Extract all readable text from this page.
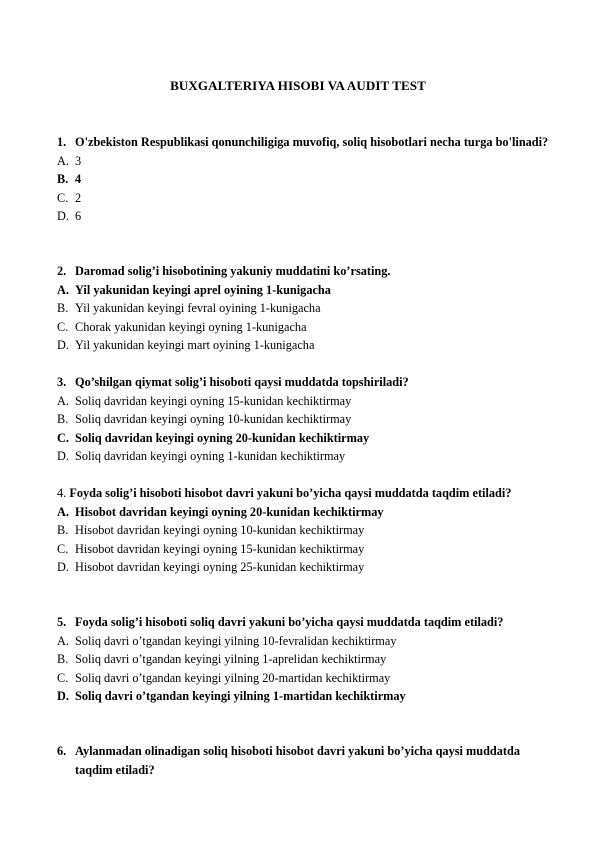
BUXGALTERIYA HISOBI VA AUDIT TEST
1. O'zbekiston Respublikasi qonunchiligiga muvofiq, soliq hisobotlari necha turga bo'linadi?
A. 3
B. 4
C. 2
D. 6
2. Daromad solig’i hisobotining yakuniy muddatini ko’rsating.
A. Yil yakunidan keyingi aprel oyining 1-kunigacha
B. Yil yakunidan keyingi fevral oyining 1-kunigacha
C. Chorak yakunidan keyingi oyning 1-kunigacha
D. Yil yakunidan keyingi mart oyining 1-kunigacha
3. Qo’shilgan qiymat solig’i hisoboti qaysi muddatda topshiriladi?
A. Soliq davridan keyingi oyning 15-kunidan kechiktirmay
B. Soliq davridan keyingi oyning 10-kunidan kechiktirmay
C. Soliq davridan keyingi oyning 20-kunidan kechiktirmay
D. Soliq davridan keyingi oyning 1-kunidan kechiktirmay
4. Foyda solig’i hisoboti hisobot davri yakuni bo’yicha qaysi muddatda taqdim etiladi?
A. Hisobot davridan keyingi oyning 20-kunidan kechiktirmay
B. Hisobot davridan keyingi oyning 10-kunidan kechiktirmay
C. Hisobot davridan keyingi oyning 15-kunidan kechiktirmay
D. Hisobot davridan keyingi oyning 25-kunidan kechiktirmay
5. Foyda solig’i hisoboti soliq davri yakuni bo’yicha qaysi muddatda taqdim etiladi?
A. Soliq davri o’tgandan keyingi yilning 10-fevralidan kechiktirmay
B. Soliq davri o’tgandan keyingi yilning 1-aprelidan kechiktirmay
C. Soliq davri o’tgandan keyingi yilning 20-martidan kechiktirmay
D. Soliq davri o’tgandan keyingi yilning 1-martidan kechiktirmay
6. Aylanmadan olinadigan soliq hisoboti hisobot davri yakuni bo’yicha qaysi muddatda taqdim etiladi?
